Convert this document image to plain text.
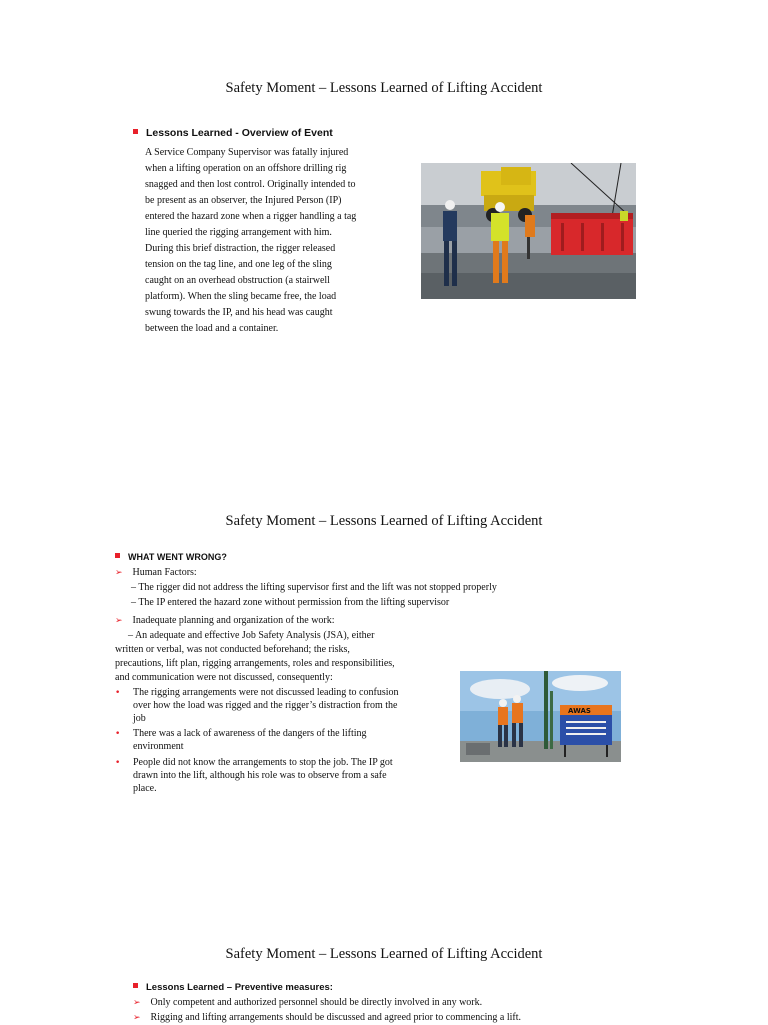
Safety Moment – Lessons Learned of Lifting Accident
Lessons Learned - Overview of Event
A Service Company Supervisor was fatally injured
when a lifting operation on an offshore drilling rig
snagged and then lost control. Originally intended to
be present as an observer, the Injured Person (IP)
entered the hazard zone when a rigger handling a tag
line queried the rigging arrangement with him.
During this brief distraction, the rigger released
tension on the tag line, and one leg of the sling
caught on an overhead obstruction (a stairwell
platform). When the sling became free, the load
swung towards the IP, and his head was caught
between the load and a container.
Safety Moment – Lessons Learned of Lifting Accident
WHAT WENT WRONG?
➢ Human Factors:
– The rigger did not address the lifting supervisor first and the lift was not stopped properly
– The IP entered the hazard zone without permission from the lifting supervisor
➢ Inadequate planning and organization of the work:
– An adequate and effective Job Safety Analysis (JSA), either
written or verbal, was not conducted beforehand; the risks,
precautions, lift plan, rigging arrangements, roles and responsibilities,
and communication were not discussed, consequently:
• The rigging arrangements were not discussed leading to confusion
over how the load was rigged and the rigger’s distraction from the
job
• There was a lack of awareness of the dangers of the lifting
environment
• People did not know the arrangements to stop the job. The IP got
drawn into the lift, although his role was to observe from a safe
place.
AWAS
Safety Moment – Lessons Learned of Lifting Accident
Lessons Learned – Preventive measures:
➢ Only competent and authorized personnel should be directly involved in any work.
➢ Rigging and lifting arrangements should be discussed and agreed prior to commencing a lift.
